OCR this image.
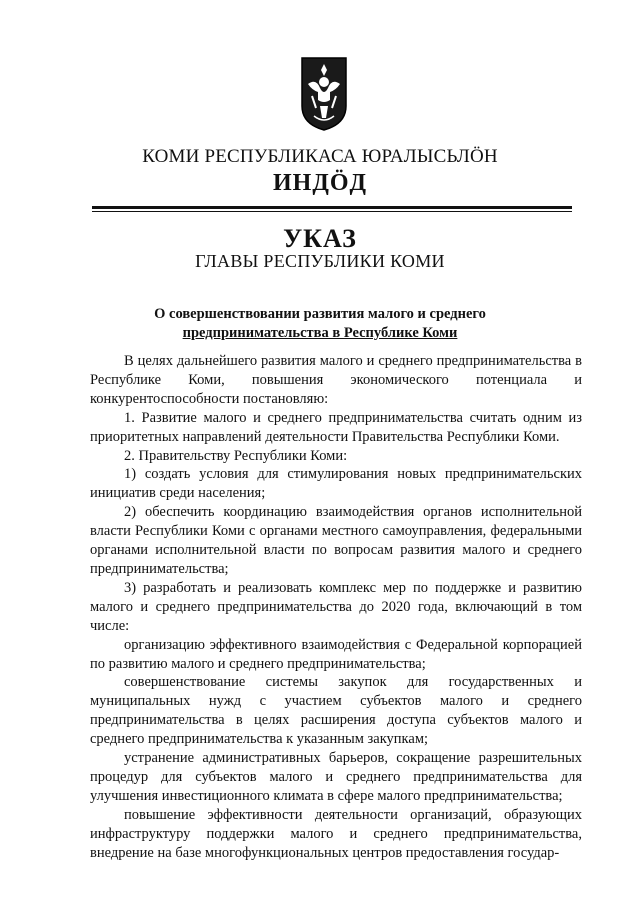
КОМИ РЕСПУБЛИКАСА ЮРАЛЫСЬЛӦН
ИНДӦД
УКАЗ
ГЛАВЫ РЕСПУБЛИКИ КОМИ
О совершенствовании развития малого и среднего
предпринимательства в Республике Коми

В целях дальнейшего развития малого и среднего предпринимательства в Республике Коми, повышения экономического потенциала и конкурентоспособности постановляю:

1. Развитие малого и среднего предпринимательства считать одним из приоритетных направлений деятельности Правительства Республики Коми.

2. Правительству Республики Коми:

1) создать условия для стимулирования новых предпринимательских инициатив среди населения;

2) обеспечить координацию взаимодействия органов исполнительной власти Республики Коми с органами местного самоуправления, федеральными органами исполнительной власти по вопросам развития малого и среднего предпринимательства;

3) разработать и реализовать комплекс мер по поддержке и развитию малого и среднего предпринимательства до 2020 года, включающий в том числе:

организацию эффективного взаимодействия с Федеральной корпорацией по развитию малого и среднего предпринимательства;

совершенствование системы закупок для государственных и муниципальных нужд с участием субъектов малого и среднего предпринимательства в целях расширения доступа субъектов малого и среднего предпринимательства к указанным закупкам;

устранение административных барьеров, сокращение разрешительных процедур для субъектов малого и среднего предпринимательства для улучшения инвестиционного климата в сфере малого предпринимательства;

повышение эффективности деятельности организаций, образующих инфраструктуру поддержки малого и среднего предпринимательства, внедрение на базе многофункциональных центров предоставления государ-
